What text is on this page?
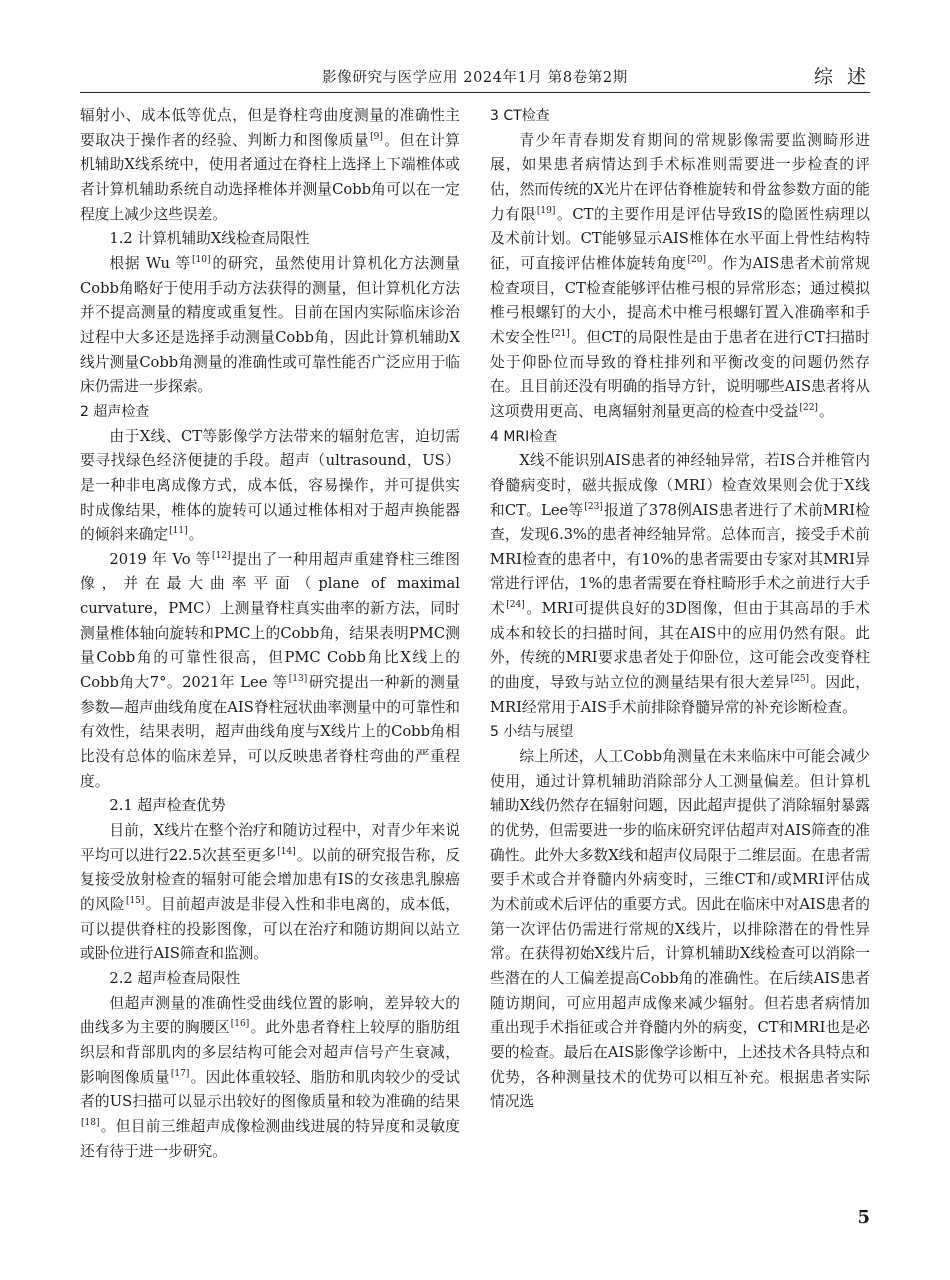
影像研究与医学应用 2024年1月 第8卷第2期	综述

辐射小、成本低等优点，但是脊柱弯曲度测量的准确性主要取决于操作者的经验、判断力和图像质量[9]。但在计算机辅助X线系统中，使用者通过在脊柱上选择上下端椎体或者计算机辅助系统自动选择椎体并测量Cobb角可以在一定程度上减少这些误差。

1.2 计算机辅助X线检查局限性

根据 Wu 等[10]的研究，虽然使用计算机化方法测量Cobb角略好于使用手动方法获得的测量，但计算机化方法并不提高测量的精度或重复性。目前在国内实际临床诊治过程中大多还是选择手动测量Cobb角，因此计算机辅助X线片测量Cobb角测量的准确性或可靠性能否广泛应用于临床仍需进一步探索。

2 超声检查

由于X线、CT等影像学方法带来的辐射危害，迫切需要寻找绿色经济便捷的手段。超声（ultrasound，US）是一种非电离成像方式，成本低，容易操作，并可提供实时成像结果，椎体的旋转可以通过椎体相对于超声换能器的倾斜来确定[11]。

2019 年 Vo 等[12]提出了一种用超声重建脊柱三维图像，并在最大曲率平面（plane of maximal curvature，PMC）上测量脊柱真实曲率的新方法，同时测量椎体轴向旋转和PMC上的Cobb角，结果表明PMC测量Cobb角的可靠性很高，但PMC Cobb角比X线上的Cobb角大7°。2021年 Lee 等[13]研究提出一种新的测量参数—超声曲线角度在AIS脊柱冠状曲率测量中的可靠性和有效性，结果表明，超声曲线角度与X线片上的Cobb角相比没有总体的临床差异，可以反映患者脊柱弯曲的严重程度。

2.1 超声检查优势

目前，X线片在整个治疗和随访过程中，对青少年来说平均可以进行22.5次甚至更多[14]。以前的研究报告称，反复接受放射检查的辐射可能会增加患有IS的女孩患乳腺癌的风险[15]。目前超声波是非侵入性和非电离的，成本低，可以提供脊柱的投影图像，可以在治疗和随访期间以站立或卧位进行AIS筛查和监测。

2.2 超声检查局限性

但超声测量的准确性受曲线位置的影响，差异较大的曲线多为主要的胸腰区[16]。此外患者脊柱上较厚的脂肪组织层和背部肌肉的多层结构可能会对超声信号产生衰减，影响图像质量[17]。因此体重较轻、脂肪和肌肉较少的受试者的US扫描可以显示出较好的图像质量和较为准确的结果[18]。但目前三维超声成像检测曲线进展的特异度和灵敏度还有待于进一步研究。

3 CT检查

青少年青春期发育期间的常规影像需要监测畸形进展，如果患者病情达到手术标准则需要进一步检查的评估，然而传统的X光片在评估脊椎旋转和骨盆参数方面的能力有限[19]。CT的主要作用是评估导致IS的隐匿性病理以及术前计划。CT能够显示AIS椎体在水平面上骨性结构特征，可直接评估椎体旋转角度[20]。作为AIS患者术前常规检查项目，CT检查能够评估椎弓根的异常形态；通过模拟椎弓根螺钉的大小，提高术中椎弓根螺钉置入准确率和手术安全性[21]。但CT的局限性是由于患者在进行CT扫描时处于仰卧位而导致的脊柱排列和平衡改变的问题仍然存在。且目前还没有明确的指导方针，说明哪些AIS患者将从这项费用更高、电离辐射剂量更高的检查中受益[22]。

4 MRI检查

X线不能识别AIS患者的神经轴异常，若IS合并椎管内脊髓病变时，磁共振成像（MRI）检查效果则会优于X线和CT。Lee等[23]报道了378例AIS患者进行了术前MRI检查，发现6.3%的患者神经轴异常。总体而言，接受手术前MRI检查的患者中，有10%的患者需要由专家对其MRI异常进行评估，1%的患者需要在脊柱畸形手术之前进行大手术[24]。MRI可提供良好的3D图像，但由于其高昂的手术成本和较长的扫描时间，其在AIS中的应用仍然有限。此外，传统的MRI要求患者处于仰卧位，这可能会改变脊柱的曲度，导致与站立位的测量结果有很大差异[25]。因此，MRI经常用于AIS手术前排除脊髓异常的补充诊断检查。

5 小结与展望

综上所述，人工Cobb角测量在未来临床中可能会减少使用，通过计算机辅助消除部分人工测量偏差。但计算机辅助X线仍然存在辐射问题，因此超声提供了消除辐射暴露的优势，但需要进一步的临床研究评估超声对AIS筛查的准确性。此外大多数X线和超声仪局限于二维层面。在患者需要手术或合并脊髓内外病变时，三维CT和/或MRI评估成为术前或术后评估的重要方式。因此在临床中对AIS患者的第一次评估仍需进行常规的X线片，以排除潜在的骨性异常。在获得初始X线片后，计算机辅助X线检查可以消除一些潜在的人工偏差提高Cobb角的准确性。在后续AIS患者随访期间，可应用超声成像来减少辐射。但若患者病情加重出现手术指征或合并脊髓内外的病变，CT和MRI也是必要的检查。最后在AIS影像学诊断中，上述技术各具特点和优势，各种测量技术的优势可以相互补充。根据患者实际情况选

5
